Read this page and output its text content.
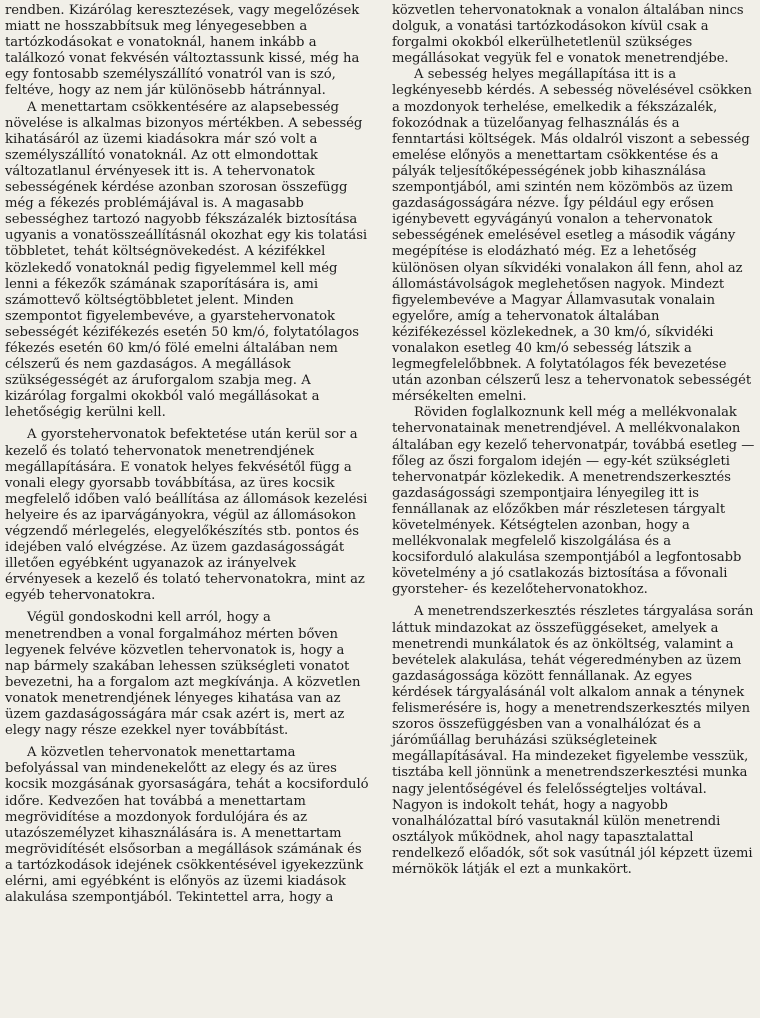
rendben. Kizárólag keresztezések, vagy megelőzések miatt ne hosszabbítsuk meg lényegesebben a tartózkodásokat e vonatoknál, hanem inkább a találkozó vonat fekvésén változtassunk kissé, még ha egy fontosabb személyszállító vonatról van is szó, feltéve, hogy az nem jár különösebb hátránnyal.

A menettartam csökkentésére az alapsebesség növelése is alkalmas bizonyos mértékben. A sebesség kihatásáról az üzemi kiadásokra már szó volt a személyszállító vonatoknál. Az ott elmondottak változatlanul érvényesek itt is. A tehervonatok sebességének kérdése azonban szorosan összefügg még a fékezés problémájával is. A magasabb sebességhez tartozó nagyobb fékszázalék biztosítása ugyanis a vonatösszeállításnál okozhat egy kis tolatási többletet, tehát költségnövekedést. A kézifékkel közlekedő vonatoknál pedig figyelemmel kell még lenni a fékezők számának szaporítására is, ami számottevő költségtöbbletet jelent. Minden szempontot figyelembevéve, a gyarstehervonatok sebességét kézifékezés esetén 50 km/ó, folytatólagos fékezés esetén 60 km/ó fölé emelni általában nem célszerű és nem gazdaságos. A megállások szükségességét az áruforgalom szabja meg. A kizárólag forgalmi okokból való megállásokat a lehetőségig kerülni kell.

A gyorstehervonatok befektetése után kerül sor a kezelő és tolató tehervonatok menetrendjének megállapítására. E vonatok helyes fekvésétől függ a vonali elegy gyorsabb továbbítása, az üres kocsik megfelelő időben való beállítása az állomások kezelési helyeire és az iparvágányokra, végül az állomásokon végzendő mérlegelés, elegyelőkészítés stb. pontos és idejében való elvégzése. Az üzem gazdaságosságát illetően egyébként ugyanazok az irányelvek érvényesek a kezelő és tolató tehervonatokra, mint az egyéb tehervonatokra.

Végül gondoskodni kell arról, hogy a menetrendben a vonal forgalmához mérten bőven legyenek felvéve közvetlen tehervonatok is, hogy a nap bármely szakában lehessen szükségleti vonatot bevezetni, ha a forgalom azt megkívánja. A közvetlen vonatok menetrendjének lényeges kihatása van az üzem gazdaságosságára már csak azért is, mert az elegy nagy része ezekkel nyer továbbítást.

A közvetlen tehervonatok menettartama befolyással van mindenekelőtt az elegy és az üres kocsik mozgásának gyorsaságára, tehát a kocsiforduló időre. Kedvezően hat továbbá a menettartam megrövidítése a mozdonyok fordulójára és az utazószemélyzet kihasználására is. A menettartam megrövidítését elsősorban a megállások számának és a tartózkodások idejének csökkentésével igyekezzünk elérni, ami egyébként is előnyös az üzemi kiadások alakulása szempontjából. Tekintettel arra, hogy a

közvetlen tehervonatoknak a vonalon általában nincs dolguk, a vonatási tartózkodásokon kívül csak a forgalmi okokból elkerülhetetlenül szükséges megállásokat vegyük fel e vonatok menetrendjébe.

A sebesség helyes megállapítása itt is a legkényesebb kérdés. A sebesség növelésével csökken a mozdonyok terhelése, emelkedik a fékszázalék, fokozódnak a tüzelőanyag felhasználás és a fenntartási költségek. Más oldalról viszont a sebesség emelése előnyös a menettartam csökkentése és a pályák teljesítőképességének jobb kihasználása szempontjából, ami szintén nem közömbös az üzem gazdaságosságára nézve. Így például egy erősen igénybevett egyvágányú vonalon a tehervonatok sebességének emelésével esetleg a második vágány megépítése is elodázható még. Ez a lehetőség különösen olyan síkvidéki vonalakon áll fenn, ahol az állomástávolságok meglehetősen nagyok. Mindezt figyelembevéve a Magyar Államvasutak vonalain egyelőre, amíg a tehervonatok általában kézifékezéssel közlekednek, a 30 km/ó, síkvidéki vonalakon esetleg 40 km/ó sebesség látszik a legmegfelelőbbnek. A folytatólagos fék bevezetése után azonban célszerű lesz a tehervonatok sebességét mérsékelten emelni.

Röviden foglalkoznunk kell még a mellékvonalak tehervonatainak menetrendjével. A mellékvonalakon általában egy kezelő tehervonatpár, továbbá esetleg — főleg az őszi forgalom idején — egy-két szükségleti tehervonatpár közlekedik. A menetrendszerkesztés gazdaságossági szempontjaira lényegileg itt is fennállanak az előzőkben már részletesen tárgyalt követelmények. Kétségtelen azonban, hogy a mellékvonalak megfelelő kiszolgálása és a kocsiforduló alakulása szempontjából a legfontosabb követelmény a jó csatlakozás biztosítása a fővonali gyorsteher- és kezelőtehervonatokhoz.

A menetrendszerkesztés részletes tárgyalása során láttuk mindazokat az összefüggéseket, amelyek a menetrendi munkálatok és az önköltség, valamint a bevételek alakulása, tehát végeredményben az üzem gazdaságossága között fennállanak. Az egyes kérdések tárgyalásánál volt alkalom annak a ténynek felismerésére is, hogy a menetrendszerkesztés milyen szoros összefüggésben van a vonalhálózat és a járóműállag beruházási szükségleteinek megállapításával. Ha mindezeket figyelembe vesszük, tisztába kell jönnünk a menetrendszerkesztési munka nagy jelentőségével és felelősségteljes voltával. Nagyon is indokolt tehát, hogy a nagyobb vonalhálózattal bíró vasutaknál külön menetrendi osztályok működnek, ahol nagy tapasztalattal rendelkező előadók, sőt sok vasútnál jól képzett üzemi mérnökök látják el ezt a munkakört.
